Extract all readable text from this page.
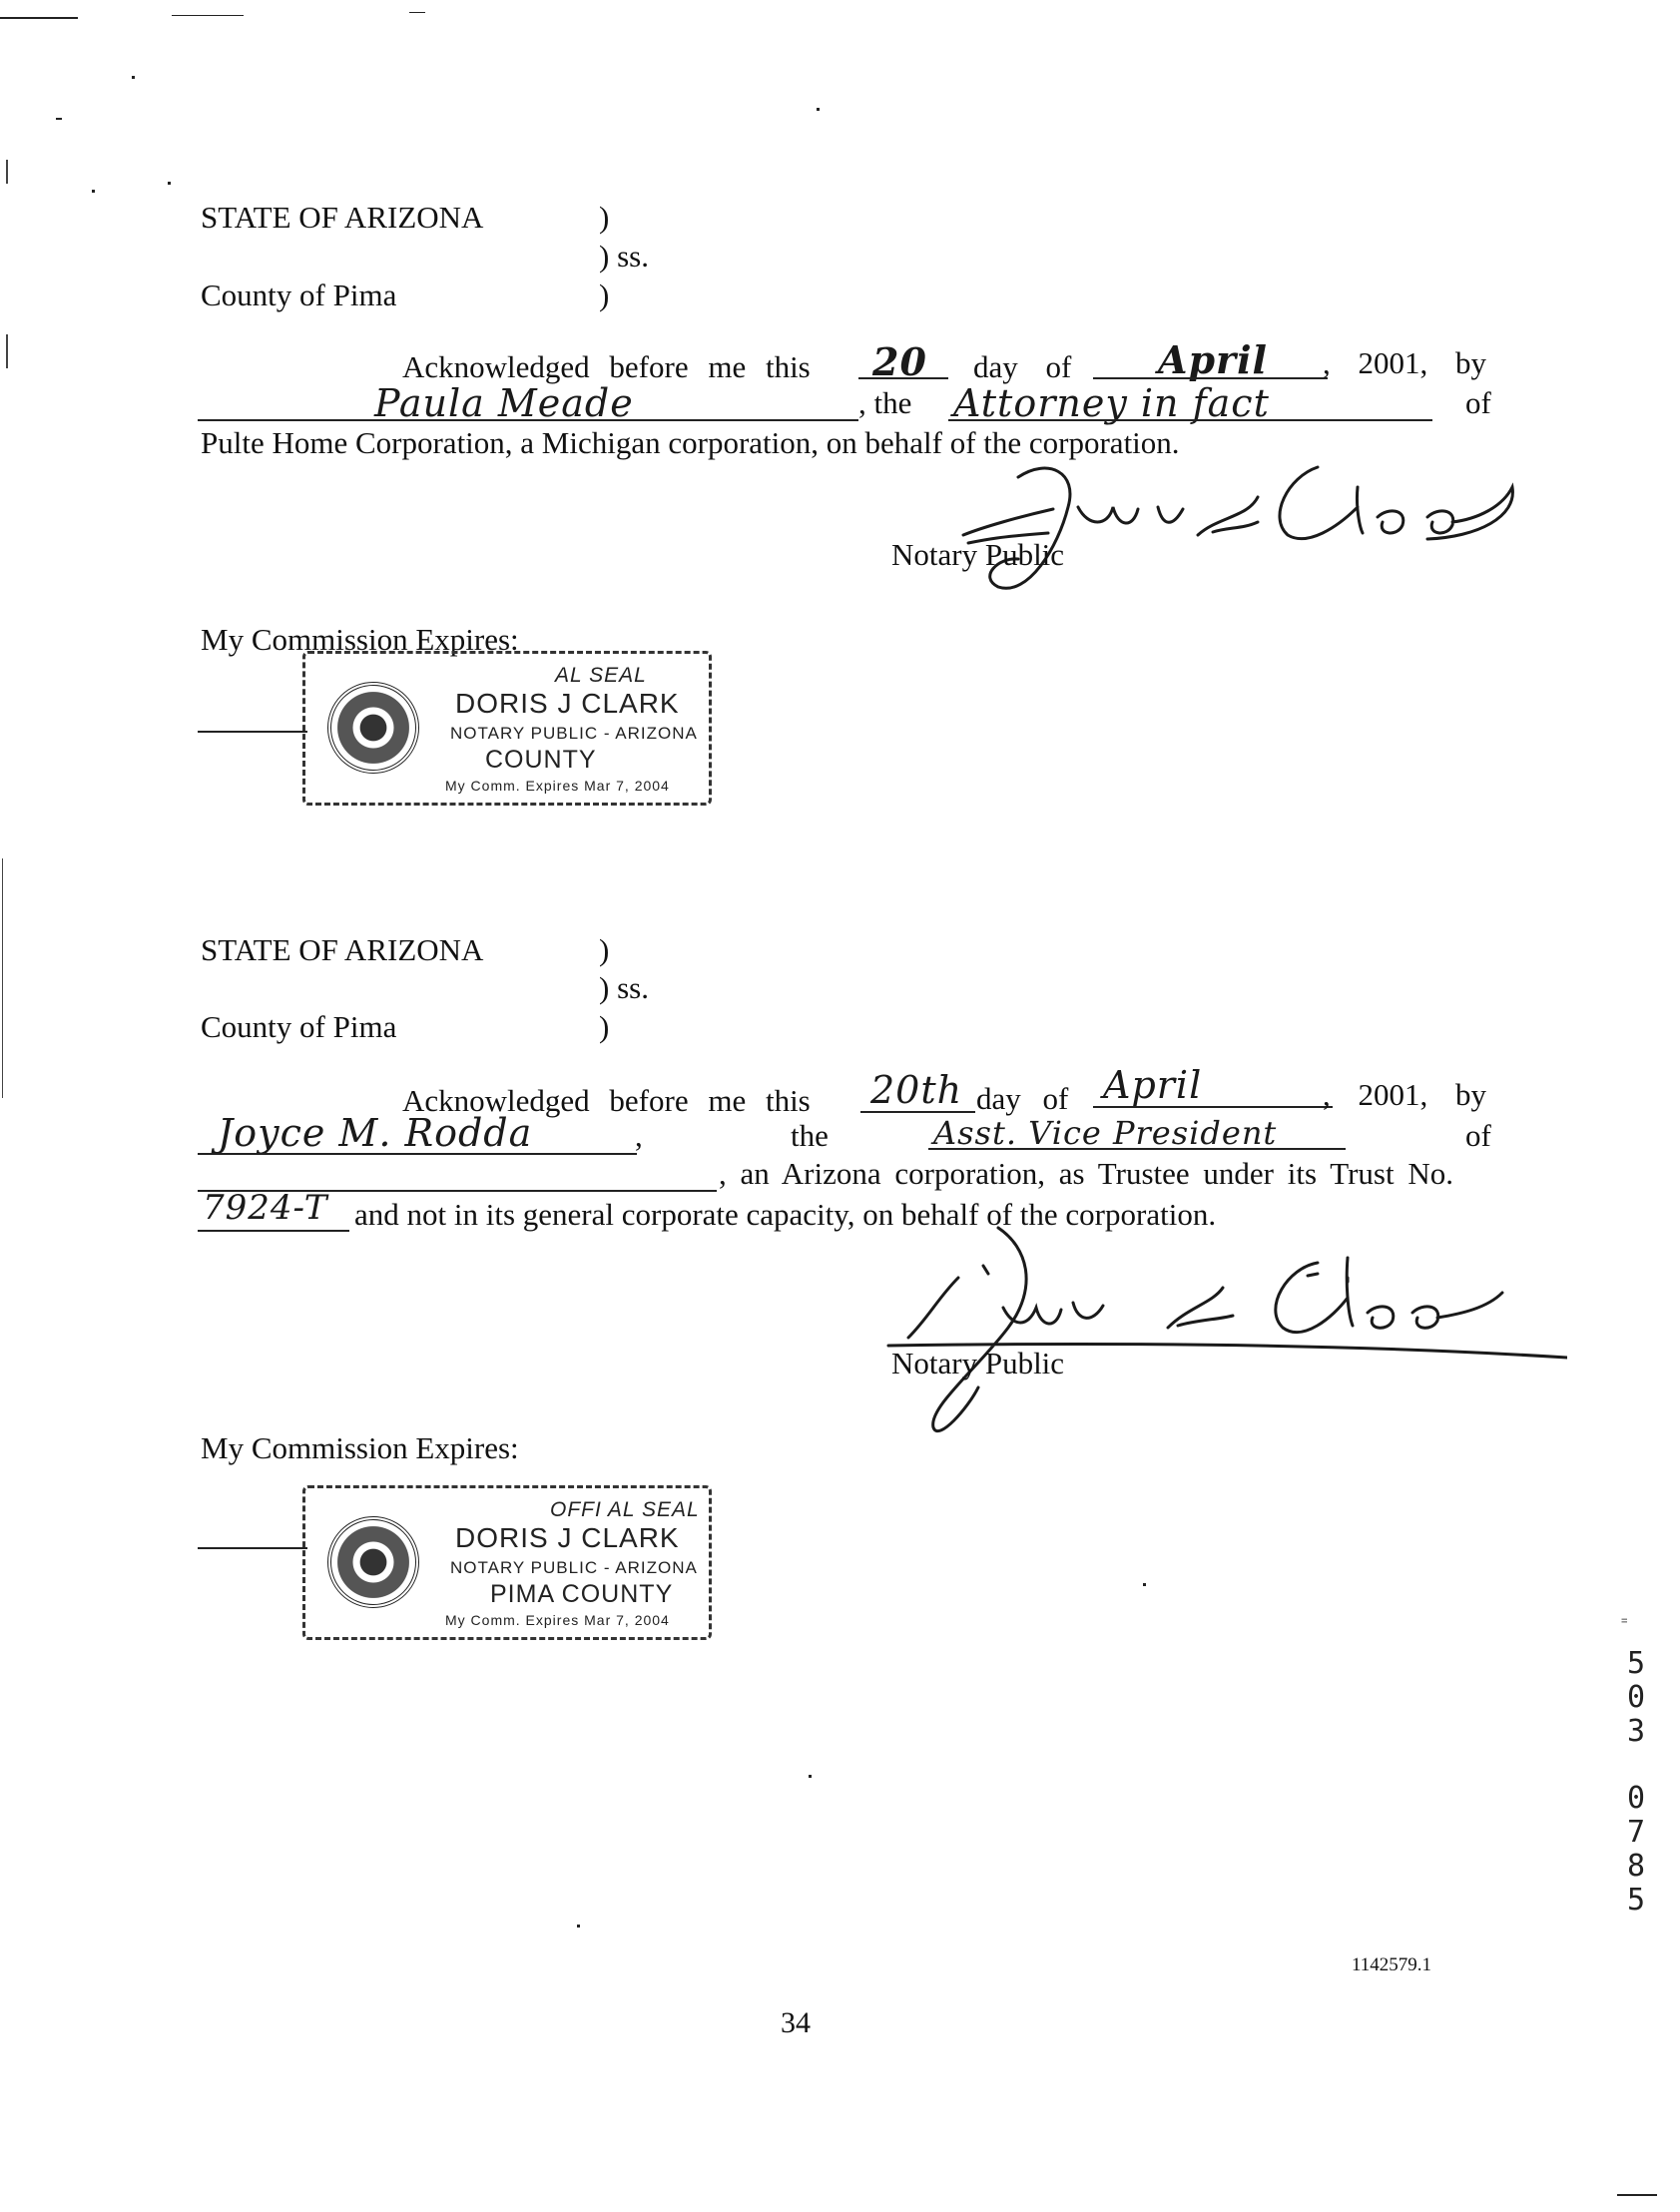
STATE OF ARIZONA	)
) ss.
County of Pima	)
Acknowledged before me this 20 day of April , 2001, by
Paula Meade	, the Attorney in fact	of
Pulte Home Corporation, a Michigan corporation, on behalf of the corporation.
Notary Public
My Commission Expires:
AL SEAL
DORIS J CLARK
NOTARY PUBLIC - ARIZONA
COUNTY
My Comm. Expires Mar 7, 2004
STATE OF ARIZONA	)
) ss.
County of Pima	)
Acknowledged before me this 20th day of April	, 2001, by
Joyce M. Rodda	,	the	Asst. Vice President	of
, an Arizona corporation, as Trustee under its Trust No.
7924-T and not in its general corporate capacity, on behalf of the corporation.
Notary Public
My Commission Expires:
OFFI AL SEAL
DORIS J CLARK
NOTARY PUBLIC - ARIZONA
PIMA COUNTY
My Comm. Expires Mar 7, 2004	ıı
5
0
3
0
7
8
5
1142579.1
34
